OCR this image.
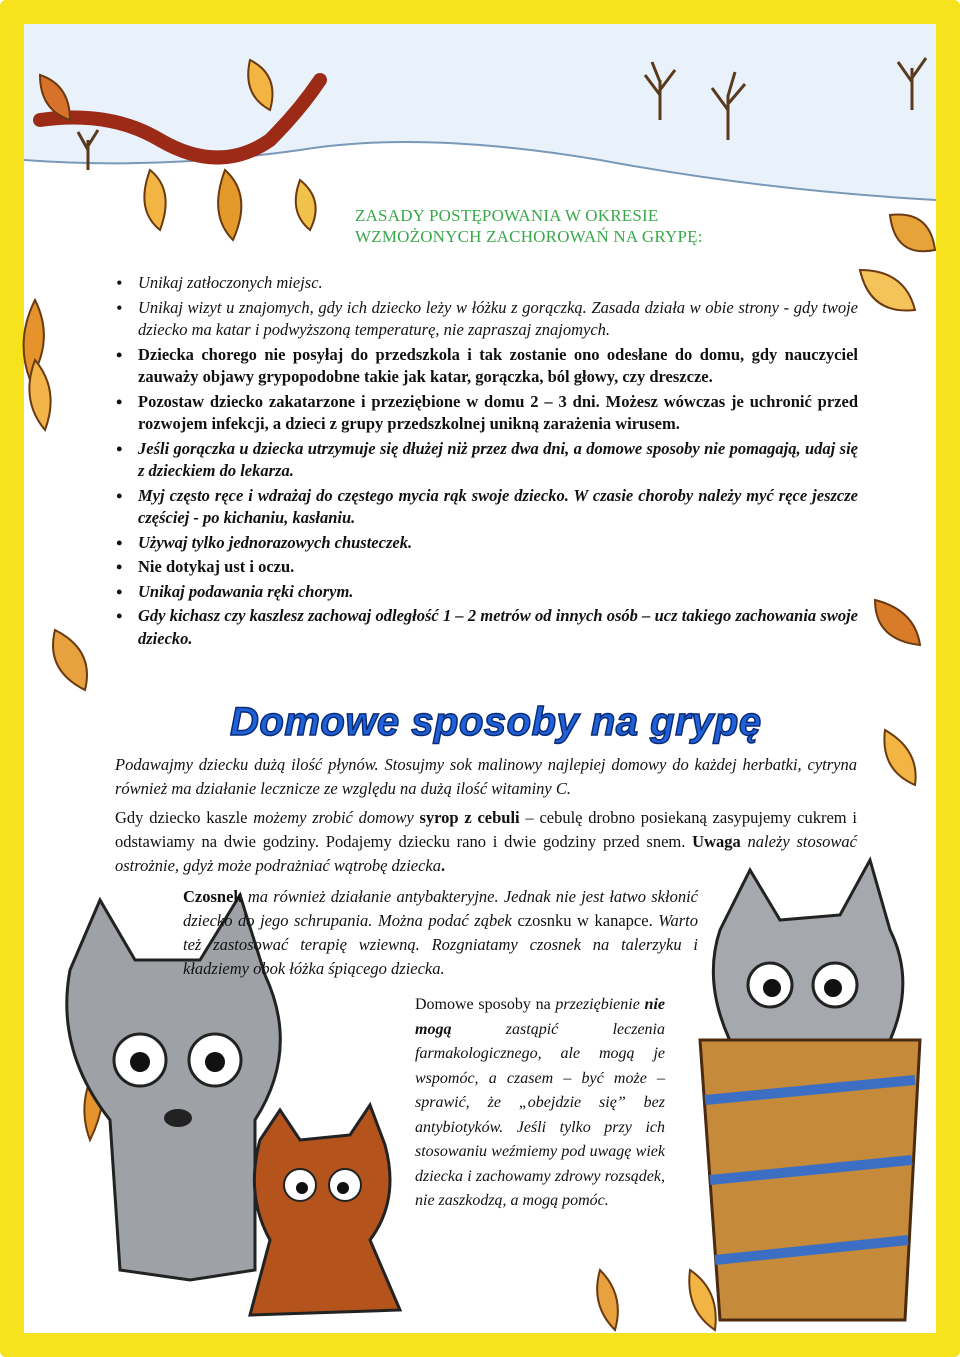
ZASADY POSTĘPOWANIA W OKRESIE
WZMOŻONYCH ZACHOROWAŃ NA GRYPĘ:
• Unikaj zatłoczonych miejsc.
• Unikaj wizyt u znajomych, gdy ich dziecko leży w łóżku z gorączką. Zasada działa w obie strony - gdy twoje dziecko ma katar i podwyższoną temperaturę, nie zapraszaj znajomych.
• Dziecka chorego nie posyłaj do przedszkola i tak zostanie ono odesłane do domu, gdy nauczyciel zauważy objawy grypopodobne takie jak katar, gorączka, ból głowy, czy dreszcze.
• Pozostaw dziecko zakatarzone i przeziębione w domu 2 – 3 dni. Możesz wówczas je uchronić przed rozwojem infekcji, a dzieci z grupy przedszkolnej unikną zarażenia wirusem.
• Jeśli gorączka u dziecka utrzymuje się dłużej niż przez dwa dni, a domowe sposoby nie pomagają, udaj się z dzieckiem do lekarza.
• Myj często ręce i wdrażaj do częstego mycia rąk swoje dziecko. W czasie choroby należy myć ręce jeszcze częściej - po kichaniu, kasłaniu.
• Używaj tylko jednorazowych chusteczek.
• Nie dotykaj ust i oczu.
• Unikaj podawania ręki chorym.
• Gdy kichasz czy kaszlesz zachowaj odległość 1 – 2 metrów od innych osób – ucz takiego zachowania swoje dziecko.
Domowe sposoby na grypę
Podawajmy dziecku dużą ilość płynów. Stosujmy sok malinowy najlepiej domowy do każdej herbatki, cytryna również ma działanie lecznicze ze względu na dużą ilość witaminy C.
Gdy dziecko kaszle możemy zrobić domowy syrop z cebuli – cebulę drobno posiekaną zasypujemy cukrem i odstawiamy na dwie godziny. Podajemy dziecku rano i dwie godziny przed snem. Uwaga należy stosować ostrożnie, gdyż może podrażniać wątrobę dziecka.
Czosnek ma również działanie antybakteryjne. Jednak nie jest łatwo skłonić dziecko do jego schrupania. Można podać ząbek czosnku w kanapce. Warto też zastosować terapię wziewną. Rozgniatamy czosnek na talerzyku i kładziemy obok łóżka śpiącego dziecka.
Domowe sposoby na przeziębienie nie mogą zastąpić leczenia farmakologicznego, ale mogą je wspomóc, a czasem – być może – sprawić, że „obejdzie się” bez antybiotyków. Jeśli tylko przy ich stosowaniu weźmiemy pod uwagę wiek dziecka i zachowamy zdrowy rozsądek, nie zaszkodzą, a mogą pomóc.
